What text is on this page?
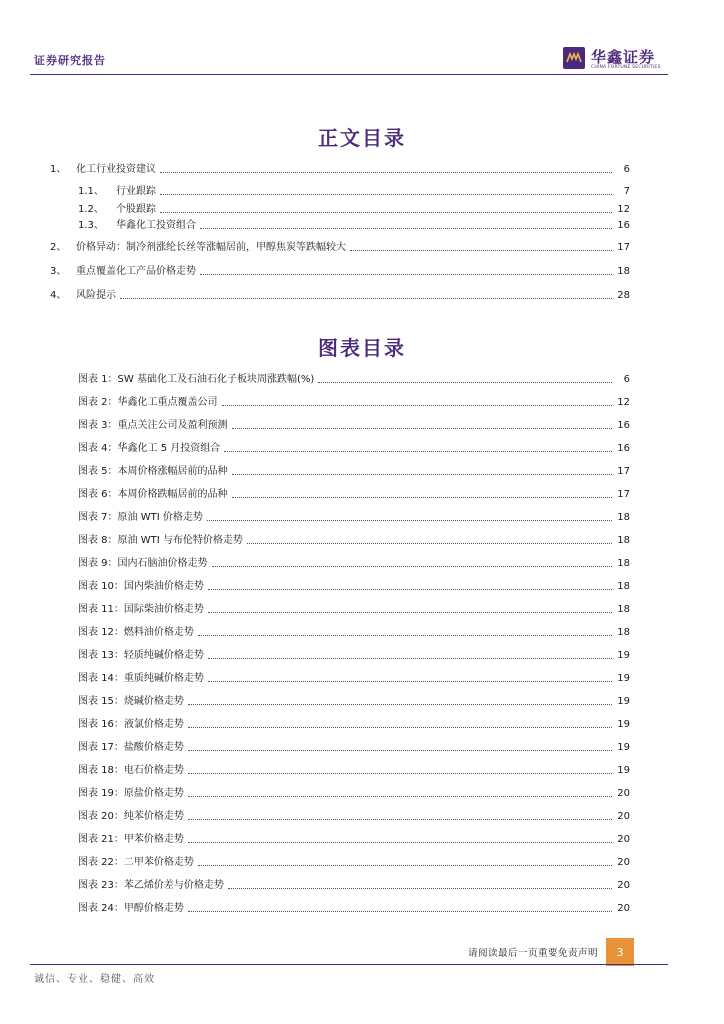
证券研究报告	华鑫证券
CHINA FORTUNE SECURITIES
正文目录
1、 化工行业投资建议	6
1.1、	行业跟踪	7
1.2、	个股跟踪	12
1.3、	华鑫化工投资组合	16
2、 价格异动：制冷剂涨纶长丝等涨幅居前，甲醇焦炭等跌幅较大	17
3、 重点覆盖化工产品价格走势	18
4、 风险提示	28
图表目录
图表 1：SW 基础化工及石油石化子板块周涨跌幅(%)	6
图表 2：华鑫化工重点覆盖公司	12
图表 3：重点关注公司及盈利预测	16
图表 4：华鑫化工 5 月投资组合	16
图表 5：本周价格涨幅居前的品种	17
图表 6：本周价格跌幅居前的品种	17
图表 7：原油 WTI 价格走势	18
图表 8：原油 WTI 与布伦特价格走势	18
图表 9：国内石脑油价格走势	18
图表 10：国内柴油价格走势	18
图表 11：国际柴油价格走势	18
图表 12：燃料油价格走势	18
图表 13：轻质纯碱价格走势	19
图表 14：重质纯碱价格走势	19
图表 15：烧碱价格走势	19
图表 16：液氯价格走势	19
图表 17：盐酸价格走势	19
图表 18：电石价格走势	19
图表 19：原盐价格走势	20
图表 20：纯苯价格走势	20
图表 21：甲苯价格走势	20
图表 22：二甲苯价格走势	20
图表 23：苯乙烯价差与价格走势	20
图表 24：甲醇价格走势	20
请阅读最后一页重要免责声明	3
诚信、专业、稳健、高效
